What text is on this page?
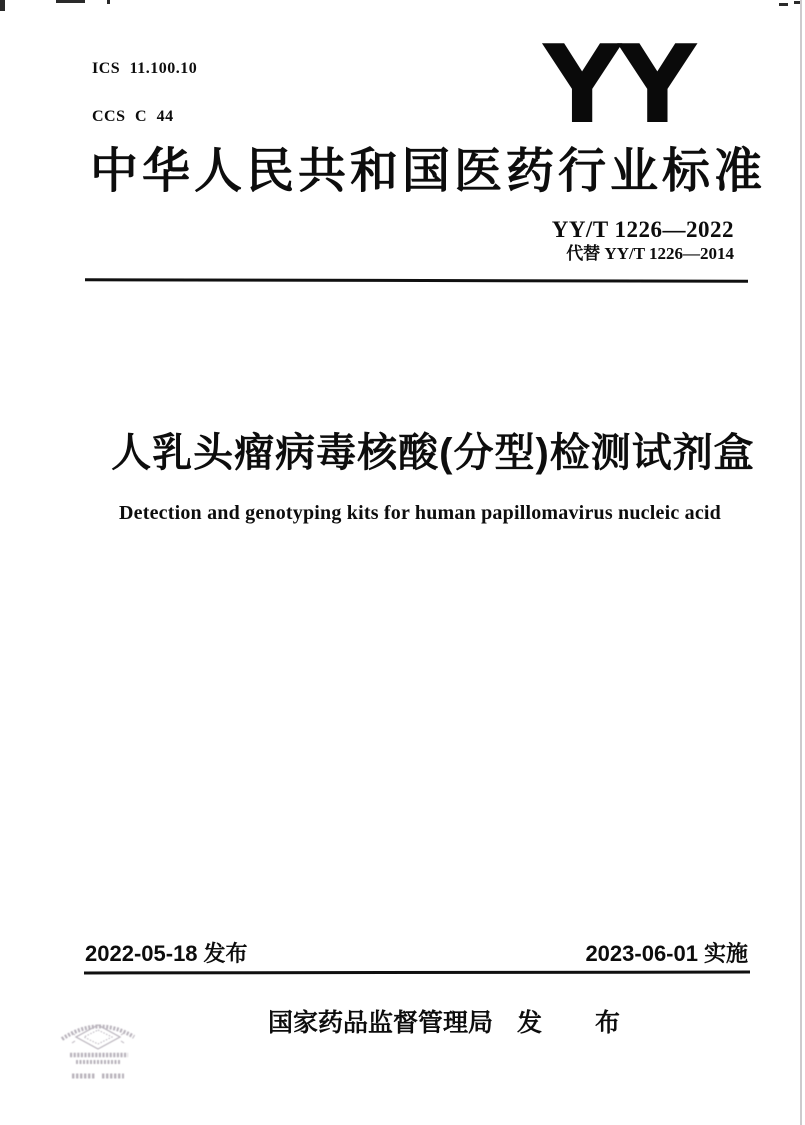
ICS 11.100.10

CCS C 44

	YY
中华人民共和国医药行业标准
YY/T 1226—2022
代替 YY/T 1226—2014
人乳头瘤病毒核酸(分型)检测试剂盒
Detection and genotyping kits for human papillomavirus nucleic acid
2022-05-18 发布	2023-06-01 实施
国家药品监督管理局 发　布
